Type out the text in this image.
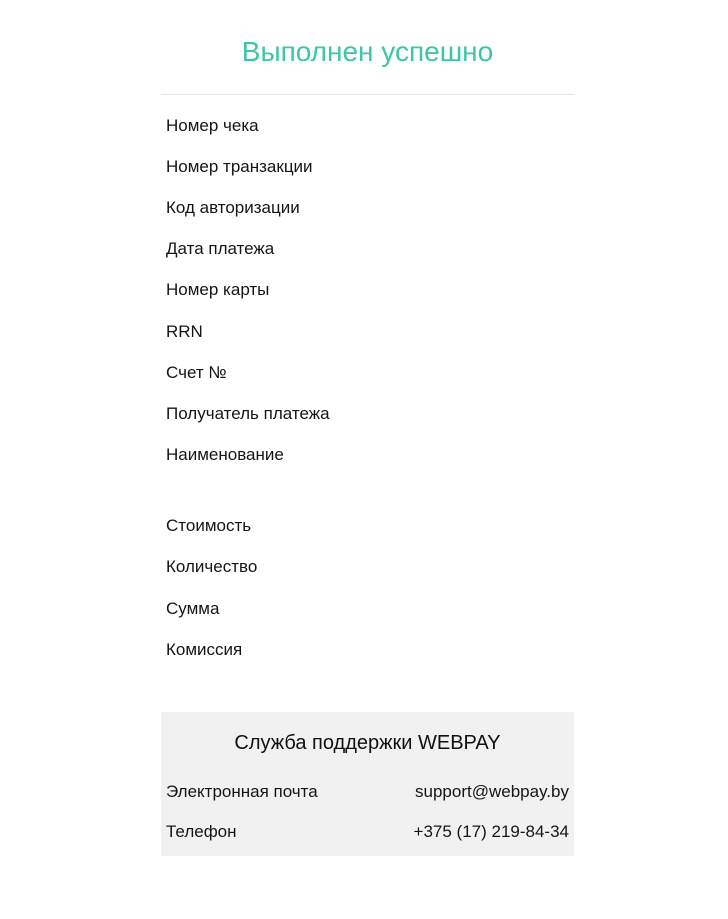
Выполнен успешно
Номер чека
Номер транзакции
Код авторизации
Дата платежа
Номер карты
RRN
Счет №
Получатель платежа
Наименование
Стоимость
Количество
Сумма
Комиссия
Служба поддержки WEBPAY
Электронная почта	support@webpay.by
Телефон	+375 (17) 219-84-34
